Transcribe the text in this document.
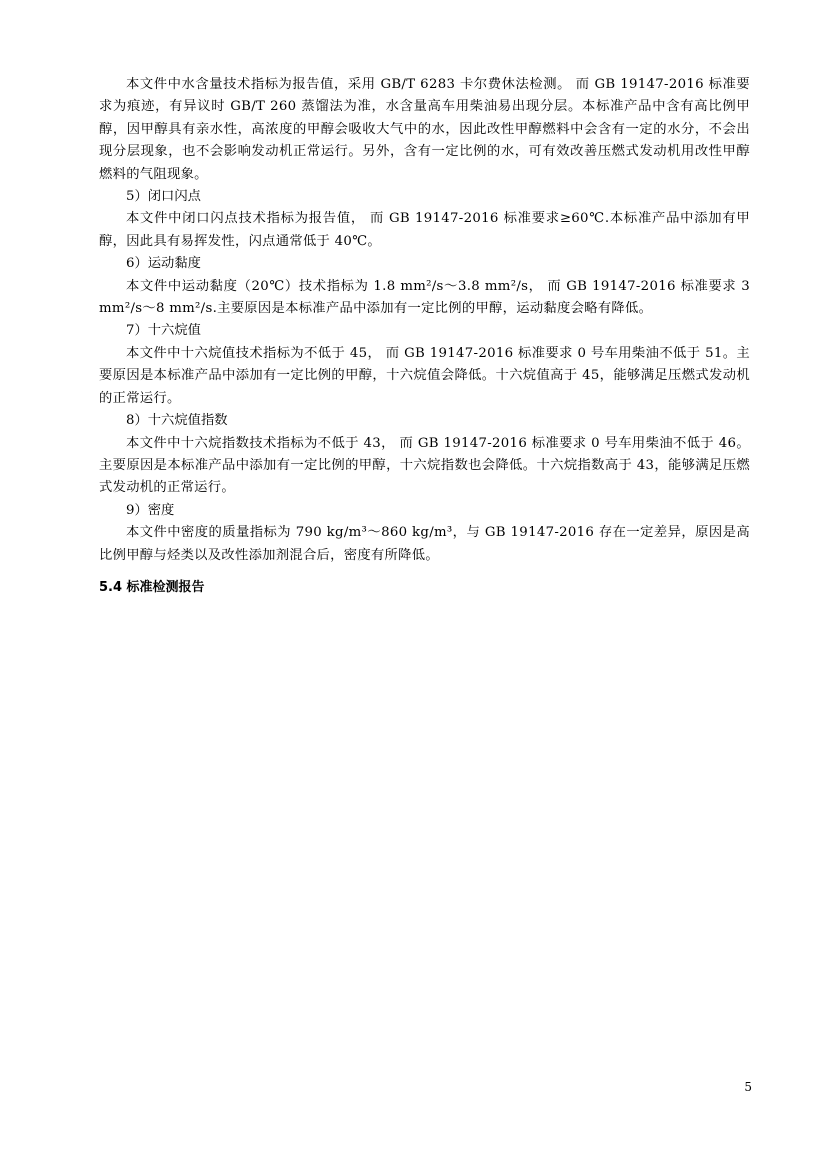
本文件中水含量技术指标为报告值，采用 GB/T 6283 卡尔费休法检测。 而 GB 19147-2016 标准要求为痕迹，有异议时 GB/T 260 蒸馏法为准，水含量高车用柴油易出现分层。本标准产品中含有高比例甲醇，因甲醇具有亲水性，高浓度的甲醇会吸收大气中的水，因此改性甲醇燃料中会含有一定的水分，不会出现分层现象，也不会影响发动机正常运行。另外，含有一定比例的水，可有效改善压燃式发动机用改性甲醇燃料的气阻现象。

5）闭口闪点

本文件中闭口闪点技术指标为报告值， 而 GB 19147-2016 标准要求≥60℃.本标准产品中添加有甲醇，因此具有易挥发性，闪点通常低于 40℃。

6）运动黏度

本文件中运动黏度（20℃）技术指标为 1.8 mm²/s～3.8 mm²/s， 而 GB 19147-2016 标准要求 3 mm²/s～8 mm²/s.主要原因是本标准产品中添加有一定比例的甲醇，运动黏度会略有降低。

7）十六烷值

本文件中十六烷值技术指标为不低于 45， 而 GB 19147-2016 标准要求 0 号车用柴油不低于 51。主要原因是本标准产品中添加有一定比例的甲醇，十六烷值会降低。十六烷值高于 45，能够满足压燃式发动机的正常运行。

8）十六烷值指数

本文件中十六烷指数技术指标为不低于 43， 而 GB 19147-2016 标准要求 0 号车用柴油不低于 46。主要原因是本标准产品中添加有一定比例的甲醇，十六烷指数也会降低。十六烷指数高于 43，能够满足压燃式发动机的正常运行。

9）密度

本文件中密度的质量指标为 790 kg/m³～860 kg/m³，与 GB 19147-2016 存在一定差异，原因是高比例甲醇与烃类以及改性添加剂混合后，密度有所降低。

5.4 标准检测报告

5
